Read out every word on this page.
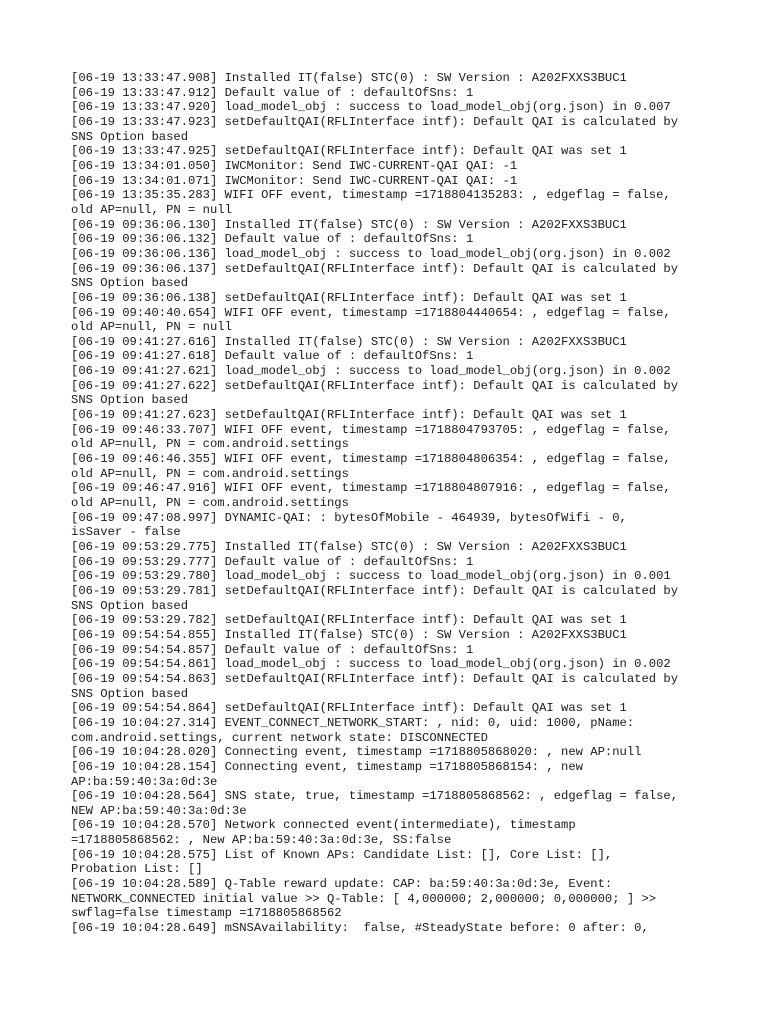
[06-19 13:33:47.908] Installed IT(false) STC(0) : SW Version : A202FXXS3BUC1
[06-19 13:33:47.912] Default value of : defaultOfSns: 1
[06-19 13:33:47.920] load_model_obj : success to load_model_obj(org.json) in 0.007
[06-19 13:33:47.923] setDefaultQAI(RFLInterface intf): Default QAI is calculated by
SNS Option based
[06-19 13:33:47.925] setDefaultQAI(RFLInterface intf): Default QAI was set 1
[06-19 13:34:01.050] IWCMonitor: Send IWC-CURRENT-QAI QAI: -1
[06-19 13:34:01.071] IWCMonitor: Send IWC-CURRENT-QAI QAI: -1
[06-19 13:35:35.283] WIFI OFF event, timestamp =1718804135283: , edgeflag = false,
old AP=null, PN = null
[06-19 09:36:06.130] Installed IT(false) STC(0) : SW Version : A202FXXS3BUC1
[06-19 09:36:06.132] Default value of : defaultOfSns: 1
[06-19 09:36:06.136] load_model_obj : success to load_model_obj(org.json) in 0.002
[06-19 09:36:06.137] setDefaultQAI(RFLInterface intf): Default QAI is calculated by
SNS Option based
[06-19 09:36:06.138] setDefaultQAI(RFLInterface intf): Default QAI was set 1
[06-19 09:40:40.654] WIFI OFF event, timestamp =1718804440654: , edgeflag = false,
old AP=null, PN = null
[06-19 09:41:27.616] Installed IT(false) STC(0) : SW Version : A202FXXS3BUC1
[06-19 09:41:27.618] Default value of : defaultOfSns: 1
[06-19 09:41:27.621] load_model_obj : success to load_model_obj(org.json) in 0.002
[06-19 09:41:27.622] setDefaultQAI(RFLInterface intf): Default QAI is calculated by
SNS Option based
[06-19 09:41:27.623] setDefaultQAI(RFLInterface intf): Default QAI was set 1
[06-19 09:46:33.707] WIFI OFF event, timestamp =1718804793705: , edgeflag = false,
old AP=null, PN = com.android.settings
[06-19 09:46:46.355] WIFI OFF event, timestamp =1718804806354: , edgeflag = false,
old AP=null, PN = com.android.settings
[06-19 09:46:47.916] WIFI OFF event, timestamp =1718804807916: , edgeflag = false,
old AP=null, PN = com.android.settings
[06-19 09:47:08.997] DYNAMIC-QAI: : bytesOfMobile - 464939, bytesOfWifi - 0,
isSaver - false
[06-19 09:53:29.775] Installed IT(false) STC(0) : SW Version : A202FXXS3BUC1
[06-19 09:53:29.777] Default value of : defaultOfSns: 1
[06-19 09:53:29.780] load_model_obj : success to load_model_obj(org.json) in 0.001
[06-19 09:53:29.781] setDefaultQAI(RFLInterface intf): Default QAI is calculated by
SNS Option based
[06-19 09:53:29.782] setDefaultQAI(RFLInterface intf): Default QAI was set 1
[06-19 09:54:54.855] Installed IT(false) STC(0) : SW Version : A202FXXS3BUC1
[06-19 09:54:54.857] Default value of : defaultOfSns: 1
[06-19 09:54:54.861] load_model_obj : success to load_model_obj(org.json) in 0.002
[06-19 09:54:54.863] setDefaultQAI(RFLInterface intf): Default QAI is calculated by
SNS Option based
[06-19 09:54:54.864] setDefaultQAI(RFLInterface intf): Default QAI was set 1
[06-19 10:04:27.314] EVENT_CONNECT_NETWORK_START: , nid: 0, uid: 1000, pName:
com.android.settings, current network state: DISCONNECTED
[06-19 10:04:28.020] Connecting event, timestamp =1718805868020: , new AP:null
[06-19 10:04:28.154] Connecting event, timestamp =1718805868154: , new
AP:ba:59:40:3a:0d:3e
[06-19 10:04:28.564] SNS state, true, timestamp =1718805868562: , edgeflag = false,
NEW AP:ba:59:40:3a:0d:3e
[06-19 10:04:28.570] Network connected event(intermediate), timestamp
=1718805868562: , New AP:ba:59:40:3a:0d:3e, SS:false
[06-19 10:04:28.575] List of Known APs: Candidate List: [], Core List: [],
Probation List: []
[06-19 10:04:28.589] Q-Table reward update: CAP: ba:59:40:3a:0d:3e, Event:
NETWORK_CONNECTED initial value >> Q-Table: [ 4,000000; 2,000000; 0,000000; ] >>
swflag=false timestamp =1718805868562
[06-19 10:04:28.649] mSNSAvailability:  false, #SteadyState before: 0 after: 0,
